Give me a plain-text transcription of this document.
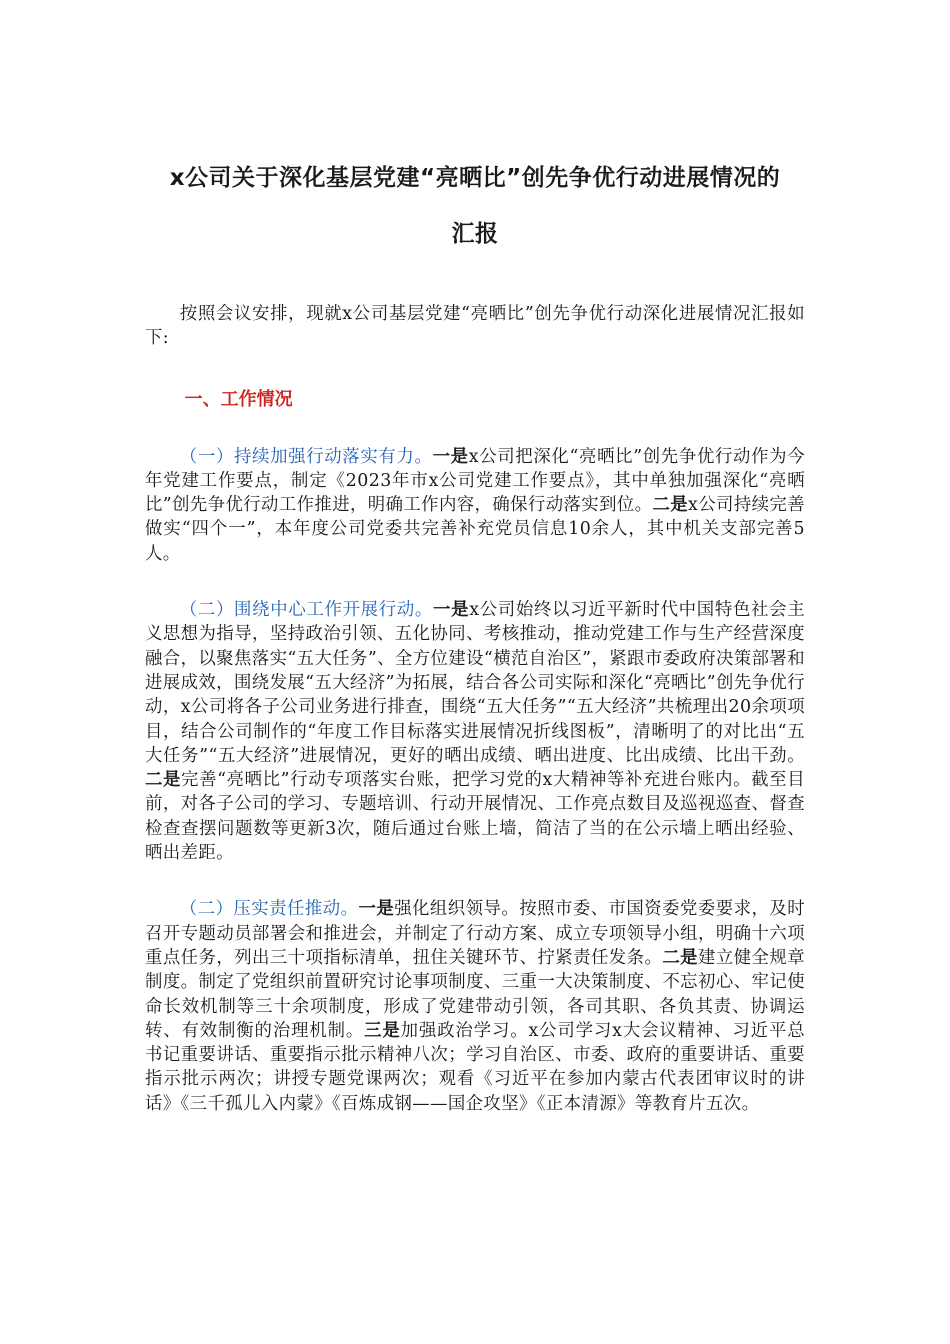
x公司关于深化基层党建“亮晒比”创先争优行动进展情况的
汇报

按照会议安排，现就x公司基层党建“亮晒比”创先争优行动深化进展情况汇报如下:

一、工作情况

（一）持续加强行动落实有力。一是x公司把深化“亮晒比”创先争优行动作为今年党建工作要点，制定《2023年市x公司党建工作要点》，其中单独加强深化“亮晒比”创先争优行动工作推进，明确工作内容，确保行动落实到位。二是x公司持续完善做实“四个一”，本年度公司党委共完善补充党员信息10余人，其中机关支部完善5人。

（二）围绕中心工作开展行动。一是x公司始终以习近平新时代中国特色社会主义思想为指导，坚持政治引领、五化协同、考核推动，推动党建工作与生产经营深度融合，以聚焦落实“五大任务”、全方位建设“横范自治区”，紧跟市委政府决策部署和进展成效，围绕发展“五大经济”为拓展，结合各公司实际和深化“亮晒比”创先争优行动，x公司将各子公司业务进行排查，围绕“五大任务”“五大经济”共梳理出20余项项目，结合公司制作的“年度工作目标落实进展情况折线图板”，清晰明了的对比出“五大任务”“五大经济”进展情况，更好的晒出成绩、晒出进度、比出成绩、比出干劲。二是完善“亮晒比”行动专项落实台账，把学习党的x大精神等补充进台账内。截至目前，对各子公司的学习、专题培训、行动开展情况、工作亮点数目及巡视巡查、督查检查查摆问题数等更新3次，随后通过台账上墙，简洁了当的在公示墙上晒出经验、晒出差距。

（二）压实责任推动。一是强化组织领导。按照市委、市国资委党委要求，及时召开专题动员部署会和推进会，并制定了行动方案、成立专项领导小组，明确十六项重点任务，列出三十项指标清单，扭住关键环节、拧紧责任发条。二是建立健全规章制度。制定了党组织前置研究讨论事项制度、三重一大决策制度、不忘初心、牢记使命长效机制等三十余项制度，形成了党建带动引领，各司其职、各负其责、协调运转、有效制衡的治理机制。三是加强政治学习。x公司学习x大会议精神、习近平总书记重要讲话、重要指示批示精神八次；学习自治区、市委、政府的重要讲话、重要指示批示两次；讲授专题党课两次；观看《习近平在参加内蒙古代表团审议时的讲话》《三千孤儿入内蒙》《百炼成钢——国企攻坚》《正本清源》等教育片五次。
